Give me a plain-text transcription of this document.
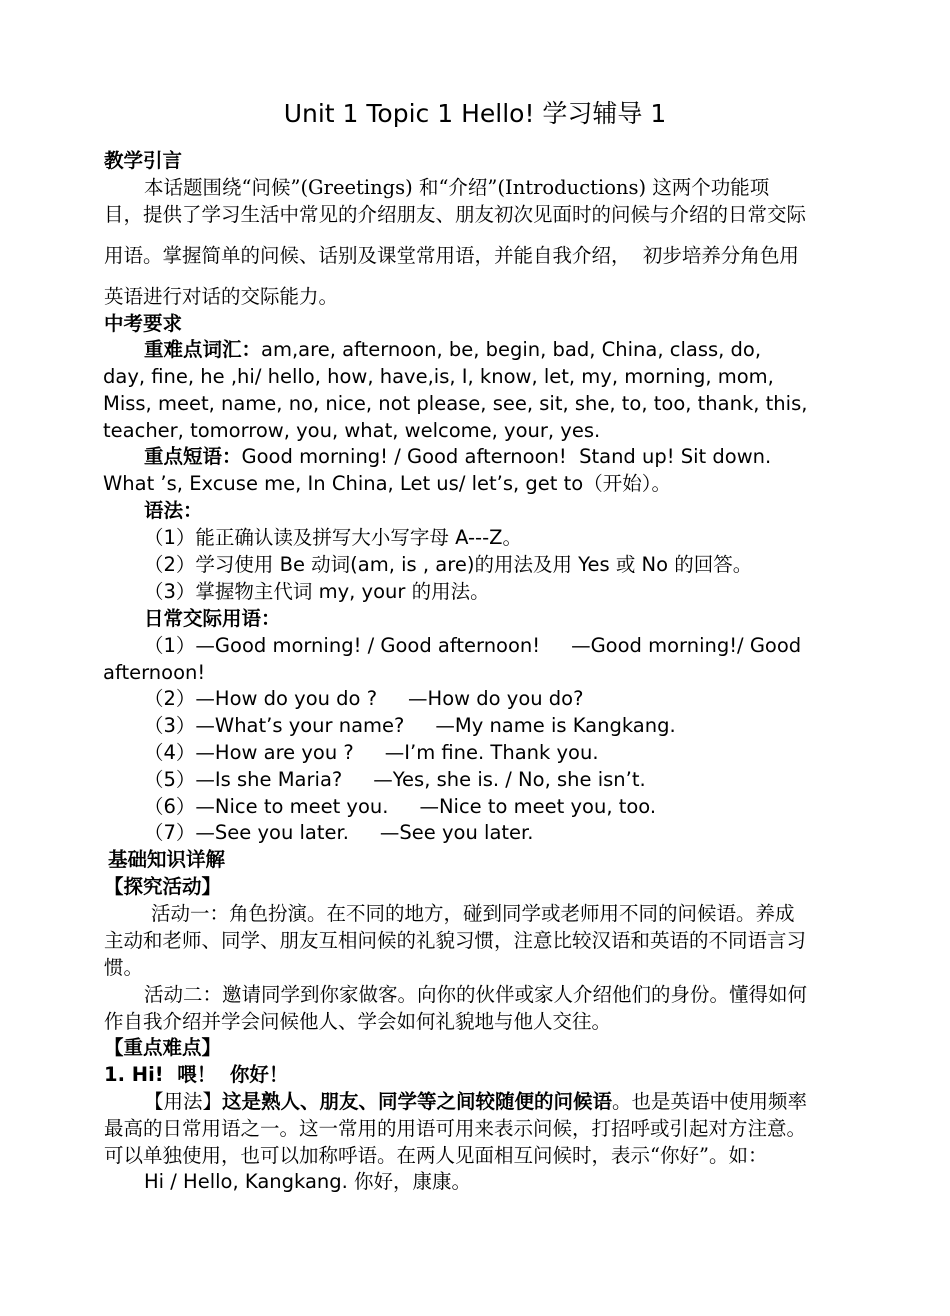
Unit 1 Topic 1 Hello! 学习辅导 1
教学引言
本话题围绕“问候”(Greetings) 和“介绍”(Introductions) 这两个功能项
目，提供了学习生活中常见的介绍朋友、朋友初次见面时的问候与介绍的日常交际
用语。掌握简单的问候、话别及课堂常用语，并能自我介绍，  初步培养分角色用
英语进行对话的交际能力。
中考要求
重难点词汇：am,are, afternoon, be, begin, bad, China, class, do,
day, fine, he ,hi/ hello, how, have,is, I, know, let, my, morning, mom,
Miss, meet, name, no, nice, not please, see, sit, she, to, too, thank, this,
teacher, tomorrow, you, what, welcome, your, yes.
重点短语：Good morning! / Good afternoon!  Stand up! Sit down.
What ’s, Excuse me, In China, Let us/ let’s, get to（开始）。
语法：
（1）能正确认读及拼写大小写字母 A---Z。
（2）学习使用 Be 动词(am, is , are)的用法及用 Yes 或 No 的回答。
（3）掌握物主代词 my, your 的用法。
日常交际用语：
（1）—Good morning! / Good afternoon!     —Good morning!/ Good
afternoon!
（2）—How do you do ?     —How do you do?
（3）—What’s your name?     —My name is Kangkang.
（4）—How are you ?     —I’m fine. Thank you.
（5）—Is she Maria?     —Yes, she is. / No, she isn’t.
（6）—Nice to meet you.     —Nice to meet you, too.
（7）—See you later.     —See you later.
基础知识详解
【探究活动】
活动一：角色扮演。在不同的地方，碰到同学或老师用不同的问候语。养成
主动和老师、同学、朋友互相问候的礼貌习惯，注意比较汉语和英语的不同语言习
惯。
活动二：邀请同学到你家做客。向你的伙伴或家人介绍他们的身份。懂得如何
作自我介绍并学会问候他人、学会如何礼貌地与他人交往。
【重点难点】
1. Hi!  喂！  你好！
【用法】这是熟人、朋友、同学等之间较随便的问候语。也是英语中使用频率
最高的日常用语之一。这一常用的用语可用来表示问候，打招呼或引起对方注意。
可以单独使用，也可以加称呼语。在两人见面相互问候时，表示“你好”。如：
Hi / Hello, Kangkang. 你好，康康。
